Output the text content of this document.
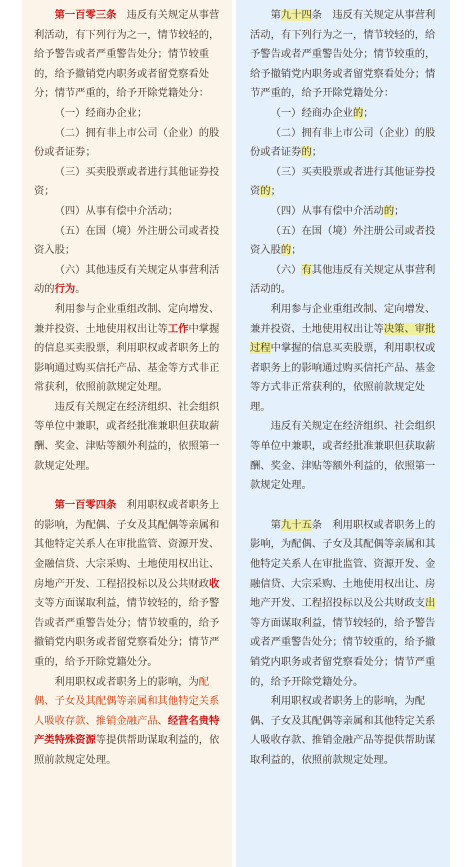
第一百零三条　违反有关规定从事营利活动，有下列行为之一，情节较轻的，给予警告或者严重警告处分；情节较重的，给予撤销党内职务或者留党察看处分；情节严重的，给予开除党籍处分：

（一）经商办企业；

（二）拥有非上市公司（企业）的股份或者证券；

（三）买卖股票或者进行其他证券投资；

（四）从事有偿中介活动；

（五）在国（境）外注册公司或者投资入股；

（六）其他违反有关规定从事营利活动的行为。

利用参与企业重组改制、定向增发、兼并投资、土地使用权出让等工作中掌握的信息买卖股票，利用职权或者职务上的影响通过购买信托产品、基金等方式非正常获利，依照前款规定处理。

违反有关规定在经济组织、社会组织等单位中兼职，或者经批准兼职但获取薪酬、奖金、津贴等额外利益的，依照第一款规定处理。

第一百零四条　利用职权或者职务上的影响，为配偶、子女及其配偶等亲属和其他特定关系人在审批监管、资源开发、金融信贷、大宗采购、土地使用权出让、房地产开发、工程招投标以及公共财政收支等方面谋取利益，情节较轻的，给予警告或者严重警告处分；情节较重的，给予撤销党内职务或者留党察看处分；情节严重的，给予开除党籍处分。

利用职权或者职务上的影响，为配偶、子女及其配偶等亲属和其他特定关系人吸收存款、推销金融产品、经营名贵特产类特殊资源等提供帮助谋取利益的，依照前款规定处理。

第九十四条　违反有关规定从事营利活动，有下列行为之一，情节较轻的，给予警告或者严重警告处分；情节较重的，给予撤销党内职务或者留党察看处分；情节严重的，给予开除党籍处分：

（一）经商办企业的；

（二）拥有非上市公司（企业）的股份或者证券的；

（三）买卖股票或者进行其他证券投资的；

（四）从事有偿中介活动的；

（五）在国（境）外注册公司或者投资入股的；

（六）有其他违反有关规定从事营利活动的。

利用参与企业重组改制、定向增发、兼并投资、土地使用权出让等决策、审批过程中掌握的信息买卖股票，利用职权或者职务上的影响通过购买信托产品、基金等方式非正常获利的，依照前款规定处理。

违反有关规定在经济组织、社会组织等单位中兼职，或者经批准兼职但获取薪酬、奖金、津贴等额外利益的，依照第一款规定处理。

第九十五条　利用职权或者职务上的影响，为配偶、子女及其配偶等亲属和其他特定关系人在审批监管、资源开发、金融信贷、大宗采购、土地使用权出让、房地产开发、工程招投标以及公共财政支出等方面谋取利益，情节较轻的，给予警告或者严重警告处分；情节较重的，给予撤销党内职务或者留党察看处分；情节严重的，给予开除党籍处分。

利用职权或者职务上的影响，为配偶、子女及其配偶等亲属和其他特定关系人吸收存款、推销金融产品等提供帮助谋取利益的，依照前款规定处理。
